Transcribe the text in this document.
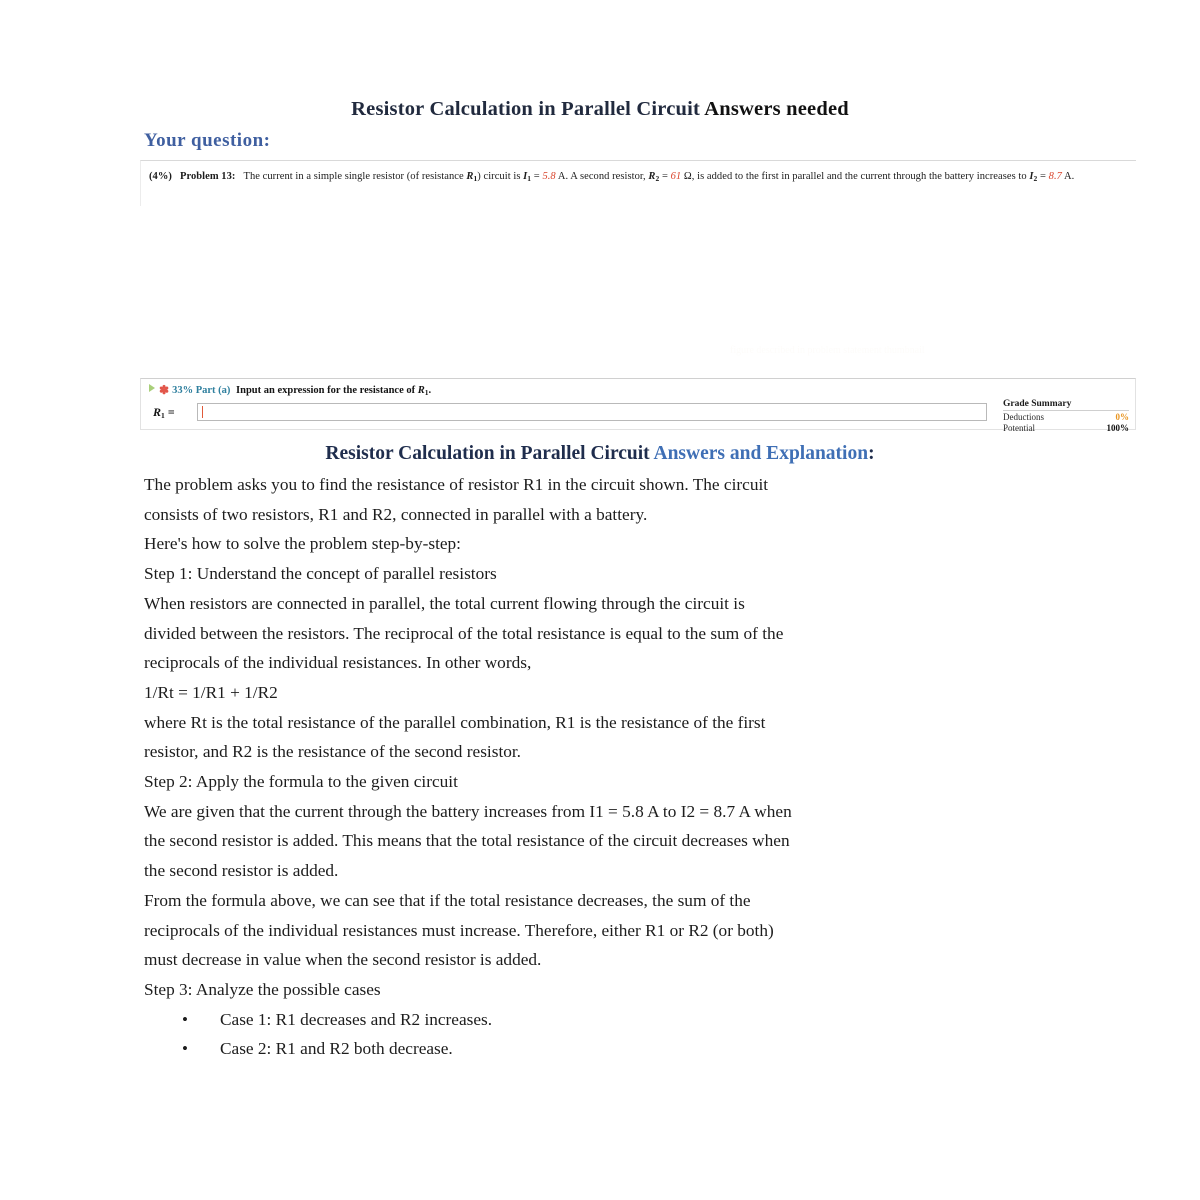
Resistor Calculation in Parallel Circuit Answers needed
Your question:
(4%) Problem 13: The current in a simple single resistor (of resistance $R_1$) circuit is $I_1 = 5.8$ A. A second resistor, $R_2 = 61$ Ω, is added to the first in parallel and the current through the battery increases to $I_2 = 8.7$ A.
figure described in problem statement thumbnail
✽ 33% Part (a) Input an expression for the resistance of $R_1$.
$R_1$ =
Grade Summary
Deductions	0%
Potential	100%
Resistor Calculation in Parallel Circuit Answers and Explanation:

The problem asks you to find the resistance of resistor R1 in the circuit shown. The circuit

consists of two resistors, R1 and R2, connected in parallel with a battery.

Here's how to solve the problem step-by-step:

Step 1: Understand the concept of parallel resistors

When resistors are connected in parallel, the total current flowing through the circuit is

divided between the resistors. The reciprocal of the total resistance is equal to the sum of the

reciprocals of the individual resistances. In other words,

1/Rt = 1/R1 + 1/R2

where Rt is the total resistance of the parallel combination, R1 is the resistance of the first

resistor, and R2 is the resistance of the second resistor.

Step 2: Apply the formula to the given circuit

We are given that the current through the battery increases from I1 = 5.8 A to I2 = 8.7 A when

the second resistor is added. This means that the total resistance of the circuit decreases when

the second resistor is added.

From the formula above, we can see that if the total resistance decreases, the sum of the

reciprocals of the individual resistances must increase. Therefore, either R1 or R2 (or both)

must decrease in value when the second resistor is added.

Step 3: Analyze the possible cases

• Case 1: R1 decreases and R2 increases.
• Case 2: R1 and R2 both decrease.
